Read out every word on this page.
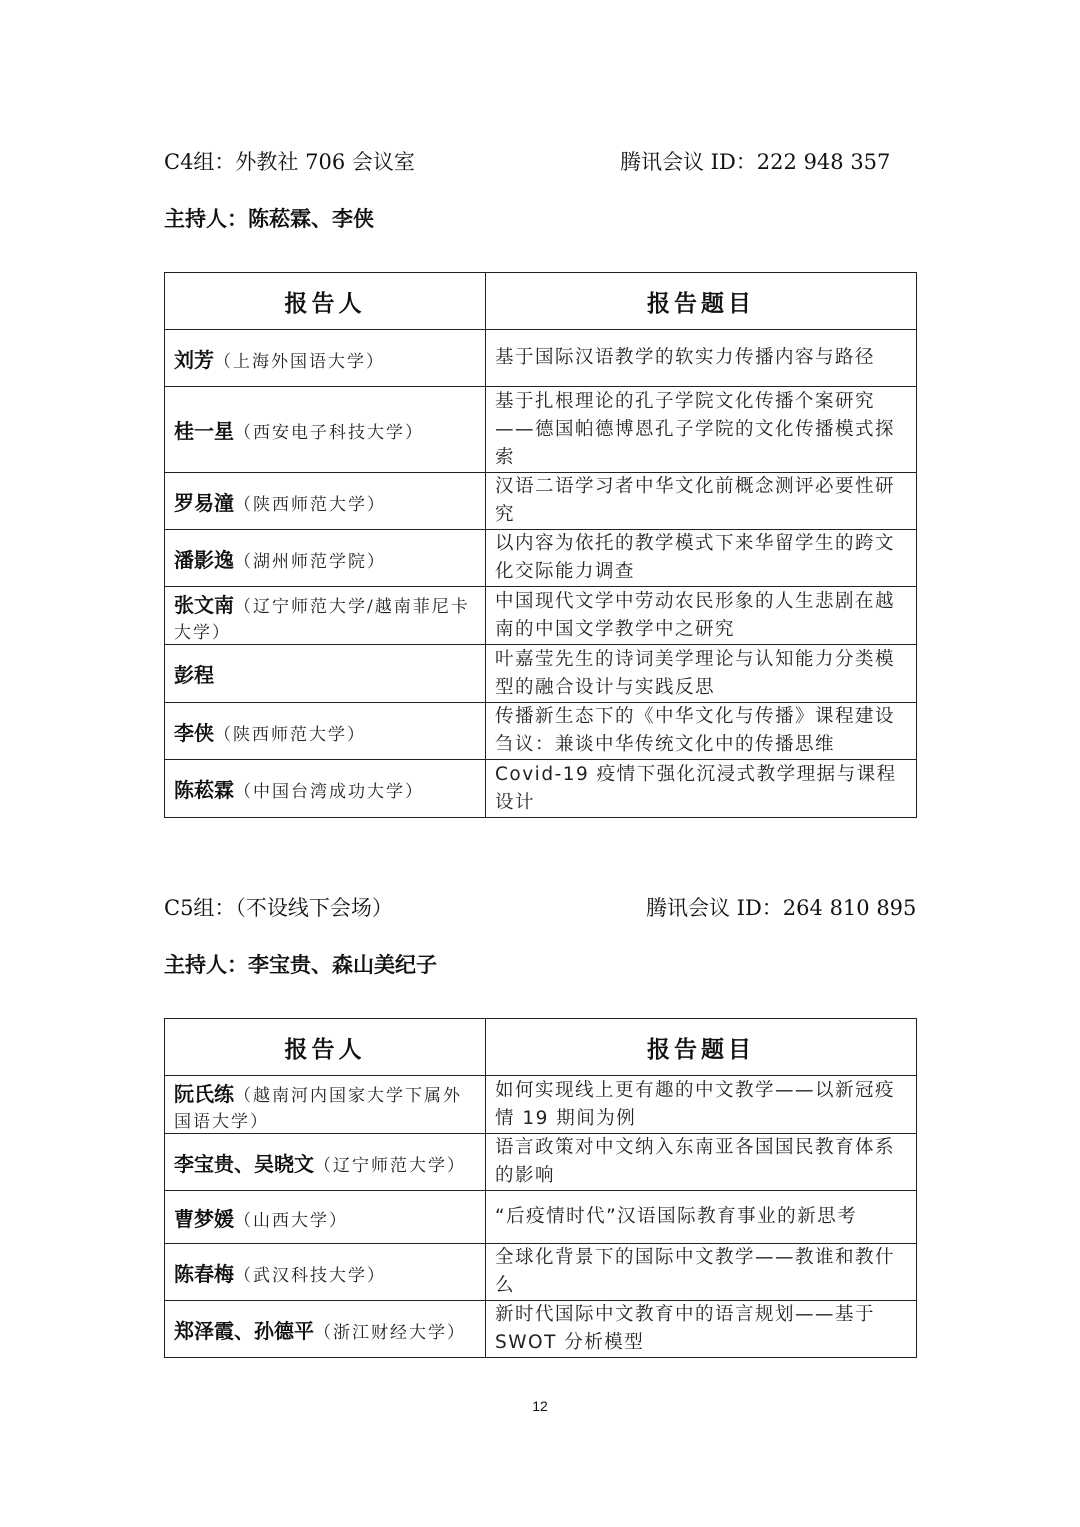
C4组：外教社 706 会议室	腾讯会议 ID：222 948 357
主持人：陈菘霖、李侠
报告人	报告题目
刘芳（上海外国语大学）	基于国际汉语教学的软实力传播内容与路径
桂一星（西安电子科技大学）	基于扎根理论的孔子学院文化传播个案研究——德国帕德博恩孔子学院的文化传播模式探索
罗易潼（陕西师范大学）	汉语二语学习者中华文化前概念测评必要性研究
潘影逸（湖州师范学院）	以内容为依托的教学模式下来华留学生的跨文化交际能力调查
张文南（辽宁师范大学/越南菲尼卡大学）	中国现代文学中劳动农民形象的人生悲剧在越南的中国文学教学中之研究
彭程	叶嘉莹先生的诗词美学理论与认知能力分类模型的融合设计与实践反思
李侠（陕西师范大学）	传播新生态下的《中华文化与传播》课程建设刍议：兼谈中华传统文化中的传播思维
陈菘霖（中国台湾成功大学）	Covid-19 疫情下强化沉浸式教学理据与课程设计
C5组：（不设线下会场）	腾讯会议 ID：264 810 895
主持人：李宝贵、森山美纪子
报告人	报告题目
阮氏练（越南河内国家大学下属外国语大学）	如何实现线上更有趣的中文教学——以新冠疫情 19 期间为例
李宝贵、吴晓文（辽宁师范大学）	语言政策对中文纳入东南亚各国国民教育体系的影响
曹梦媛（山西大学）	“后疫情时代”汉语国际教育事业的新思考
陈春梅（武汉科技大学）	全球化背景下的国际中文教学——教谁和教什么
郑泽霞、孙德平（浙江财经大学）	新时代国际中文教育中的语言规划——基于 SWOT 分析模型
12
